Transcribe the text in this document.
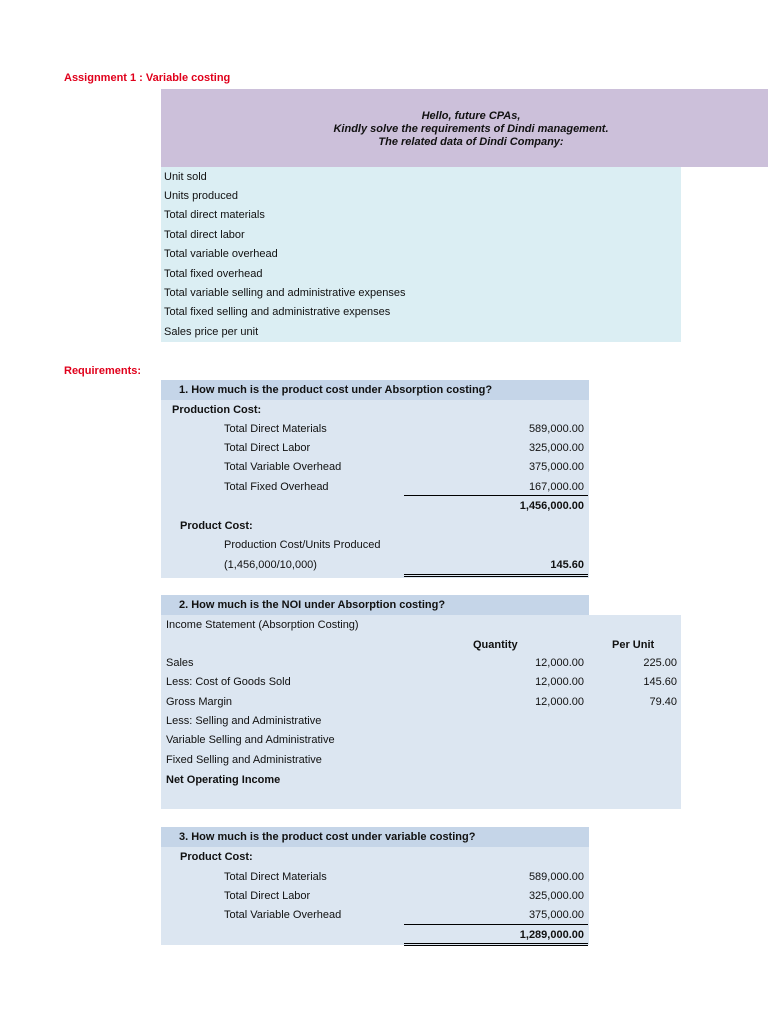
Assignment 1 : Variable costing
Hello, future CPAs,
Kindly solve the requirements of Dindi management.
The related data of Dindi Company:
Unit sold
Units produced
Total direct materials
Total direct labor
Total variable overhead
Total fixed overhead
Total variable selling and administrative expenses
Total fixed selling and administrative expenses
Sales price per unit
Requirements:
1. How much is the product cost under Absorption costing?
Production Cost:
Total Direct Materials	589,000.00
Total Direct Labor	325,000.00
Total Variable Overhead	375,000.00
Total Fixed Overhead	167,000.00
1,456,000.00
Product Cost:
Production Cost/Units Produced
(1,456,000/10,000)	145.60
2. How much is the NOI under Absorption costing?
Income Statement (Absorption Costing)
Quantity	Per Unit
Sales	12,000.00	225.00
Less: Cost of Goods Sold	12,000.00	145.60
Gross Margin	12,000.00	79.40
Less: Selling and Administrative
Variable Selling and Administrative
Fixed Selling and Administrative
Net Operating Income
3. How much is the product cost under variable costing?
Product Cost:
Total Direct Materials	589,000.00
Total Direct Labor	325,000.00
Total Variable Overhead	375,000.00
1,289,000.00
